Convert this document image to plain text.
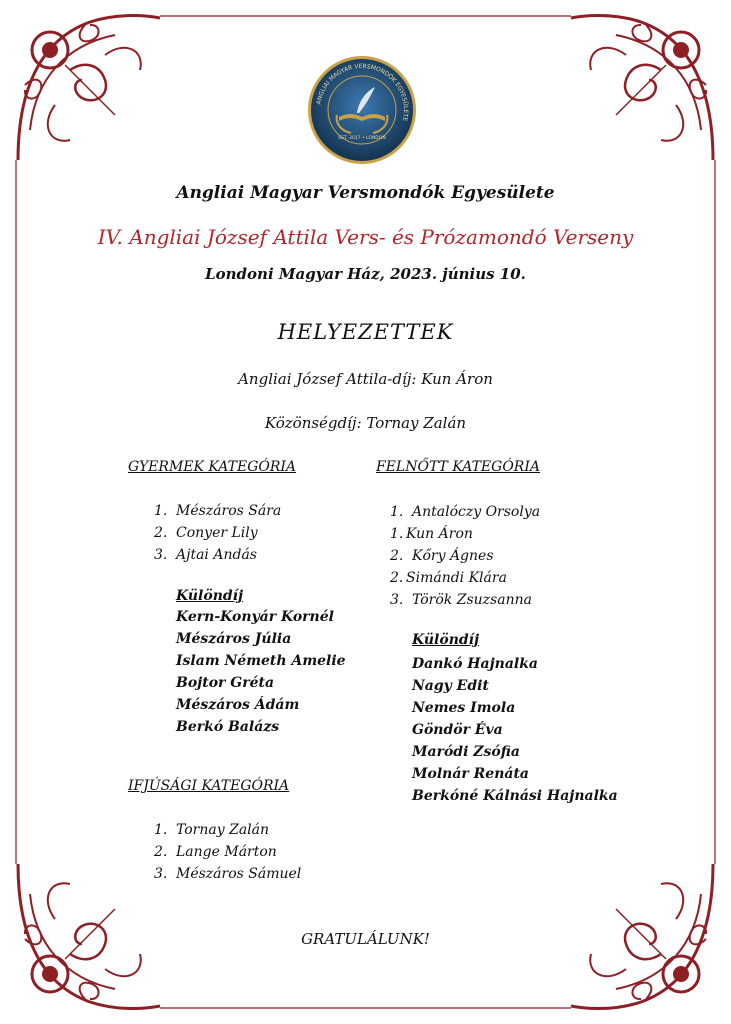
ANGLIAI MAGYAR VERSMONDÓK EGYESÜLETE
EST. 2017 • LONDON
Angliai Magyar Versmondók Egyesülete
IV. Angliai József Attila Vers- és Prózamondó Verseny
Londoni Magyar Ház, 2023. június 10.
HELYEZETTEK
Angliai József Attila-díj: Kun Áron
Közönségdíj: Tornay Zalán
GYERMEK KATEGÓRIA
1. Mészáros Sára
2. Conyer Lily
3. Ajtai Andás
Különdíj
Kern-Konyár Kornél
Mészáros Júlia
Islam Németh Amelie
Bojtor Gréta
Mészáros Ádám
Berkó Balázs
IFJÚSÁGI KATEGÓRIA
1. Tornay Zalán
2. Lange Márton
3. Mészáros Sámuel
FELNŐTT KATEGÓRIA
1. Antalóczy Orsolya
1. Kun Áron
2. Kőry Ágnes
2. Simándi Klára
3. Török Zsuzsanna
Különdíj
Dankó Hajnalka
Nagy Edit
Nemes Imola
Göndör Éva
Maródi Zsófia
Molnár Renáta
Berkóné Kálnási Hajnalka
GRATULÁLUNK!
